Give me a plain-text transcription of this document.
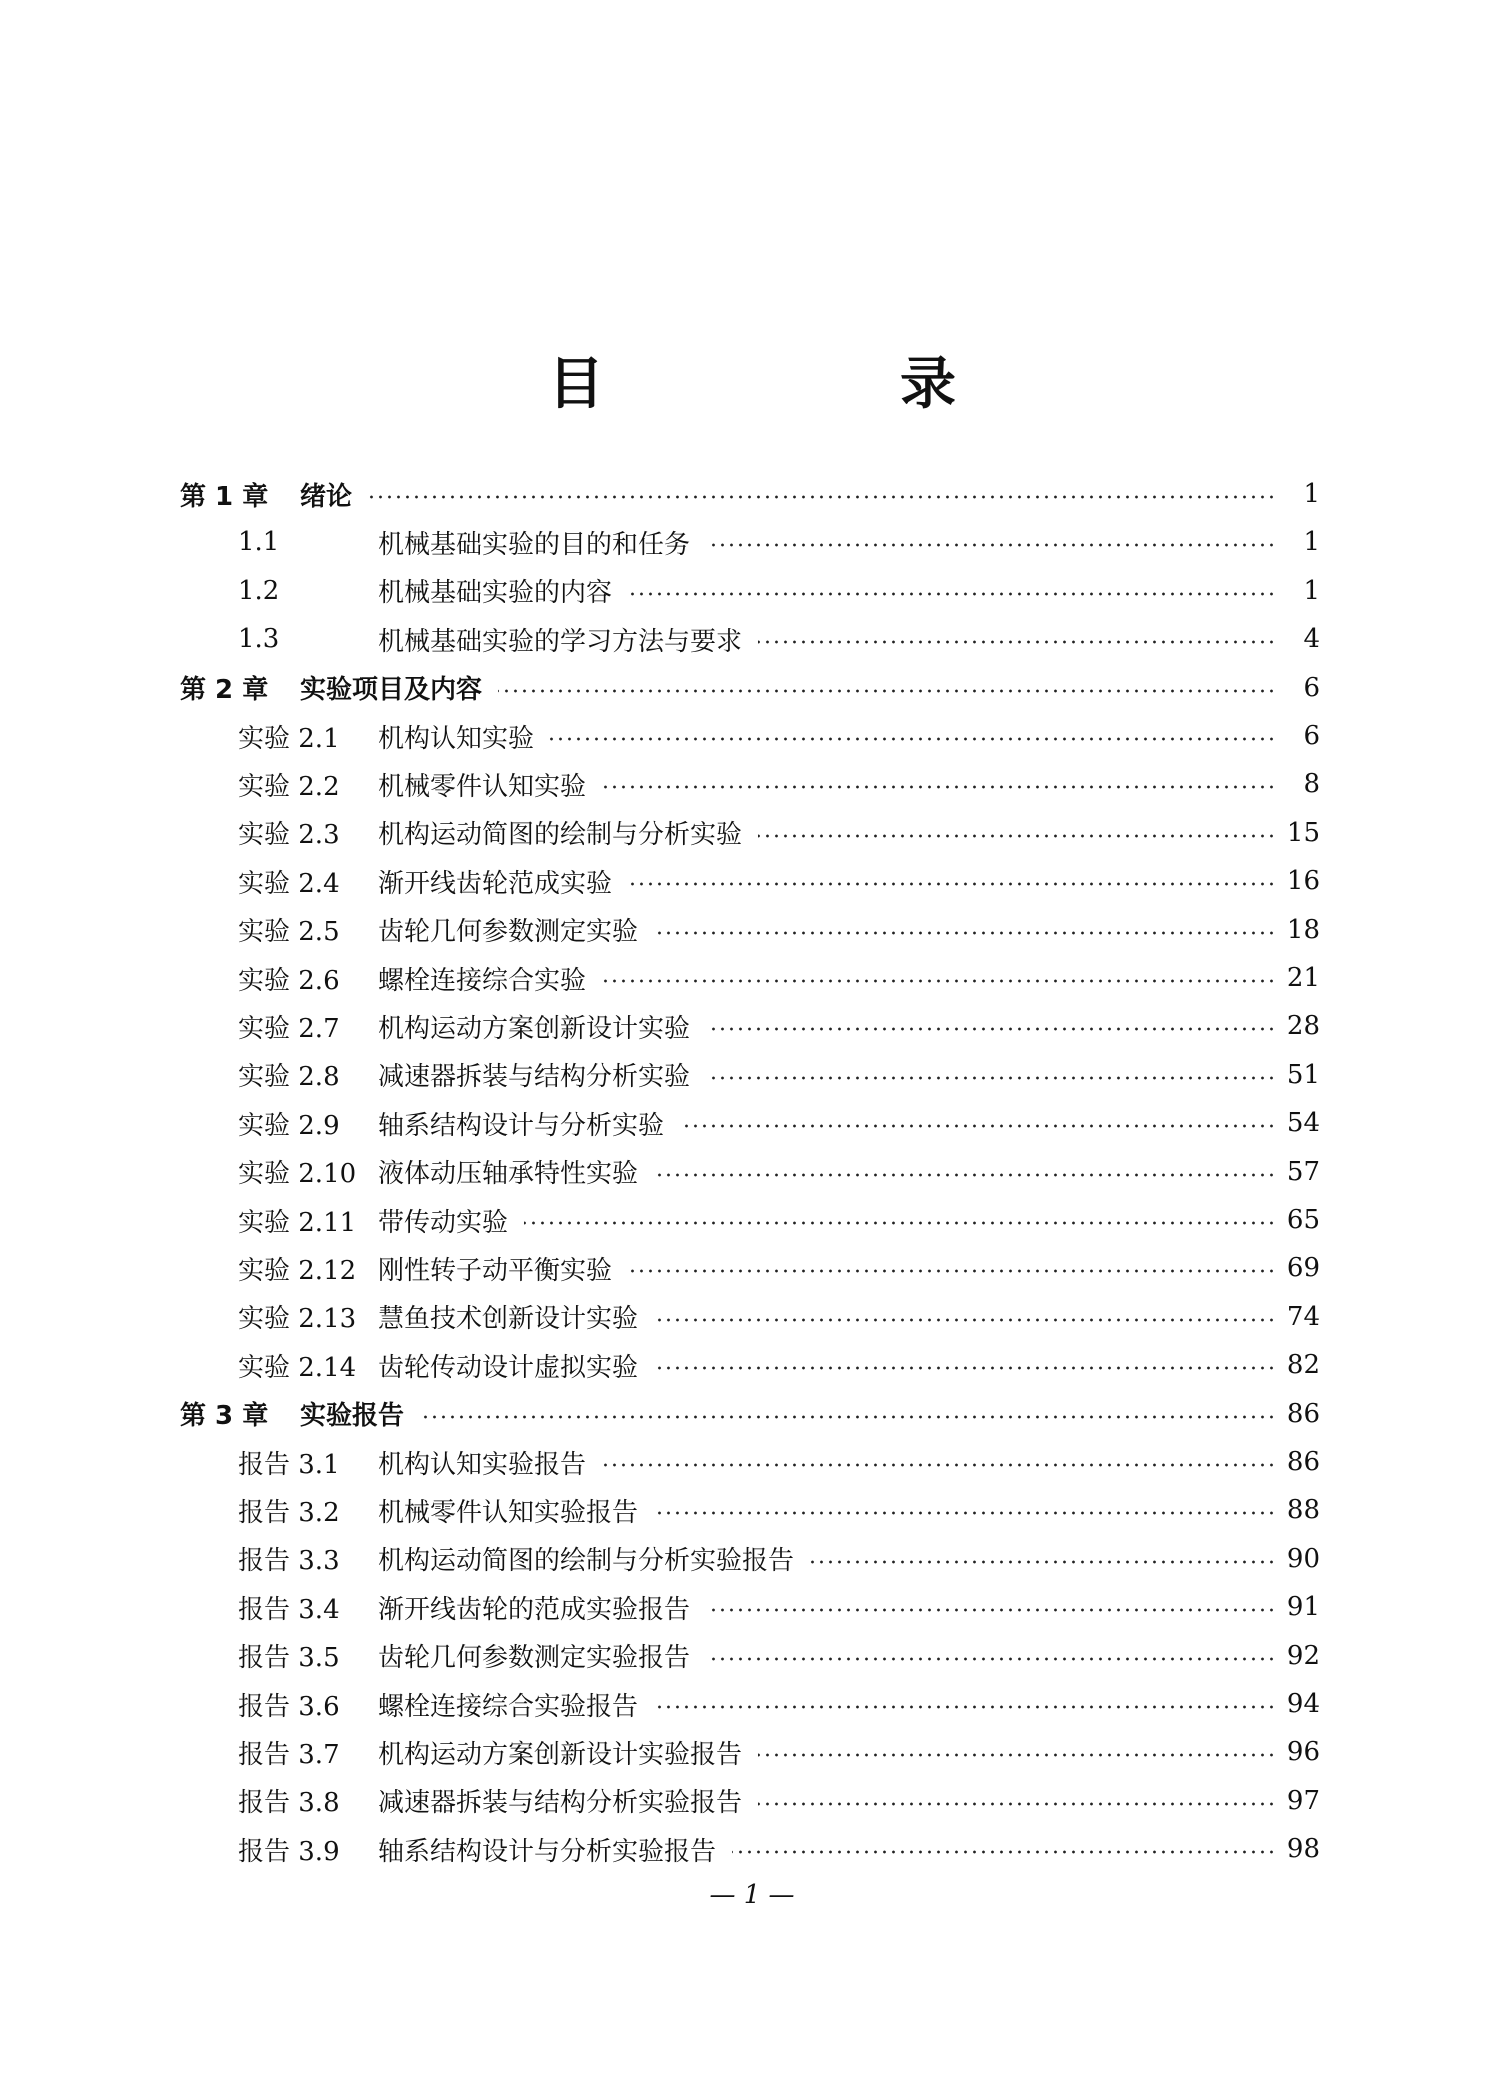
目　录
第 1 章	绪论	1
1.1	机械基础实验的目的和任务	1
1.2	机械基础实验的内容	1
1.3	机械基础实验的学习方法与要求	4
第 2 章	实验项目及内容	6
实验 2.1	机构认知实验	6
实验 2.2	机械零件认知实验	8
实验 2.3	机构运动简图的绘制与分析实验	15
实验 2.4	渐开线齿轮范成实验	16
实验 2.5	齿轮几何参数测定实验	18
实验 2.6	螺栓连接综合实验	21
实验 2.7	机构运动方案创新设计实验	28
实验 2.8	减速器拆装与结构分析实验	51
实验 2.9	轴系结构设计与分析实验	54
实验 2.10 液体动压轴承特性实验	57
实验 2.11 带传动实验	65
实验 2.12 刚性转子动平衡实验	69
实验 2.13 慧鱼技术创新设计实验	74
实验 2.14 齿轮传动设计虚拟实验	82
第 3 章	实验报告	86
报告 3.1	机构认知实验报告	86
报告 3.2	机械零件认知实验报告	88
报告 3.3	机构运动简图的绘制与分析实验报告	90
报告 3.4	渐开线齿轮的范成实验报告	91
报告 3.5	齿轮几何参数测定实验报告	92
报告 3.6	螺栓连接综合实验报告	94
报告 3.7	机构运动方案创新设计实验报告	96
报告 3.8	减速器拆装与结构分析实验报告	97
报告 3.9	轴系结构设计与分析实验报告	98
— 1 —
